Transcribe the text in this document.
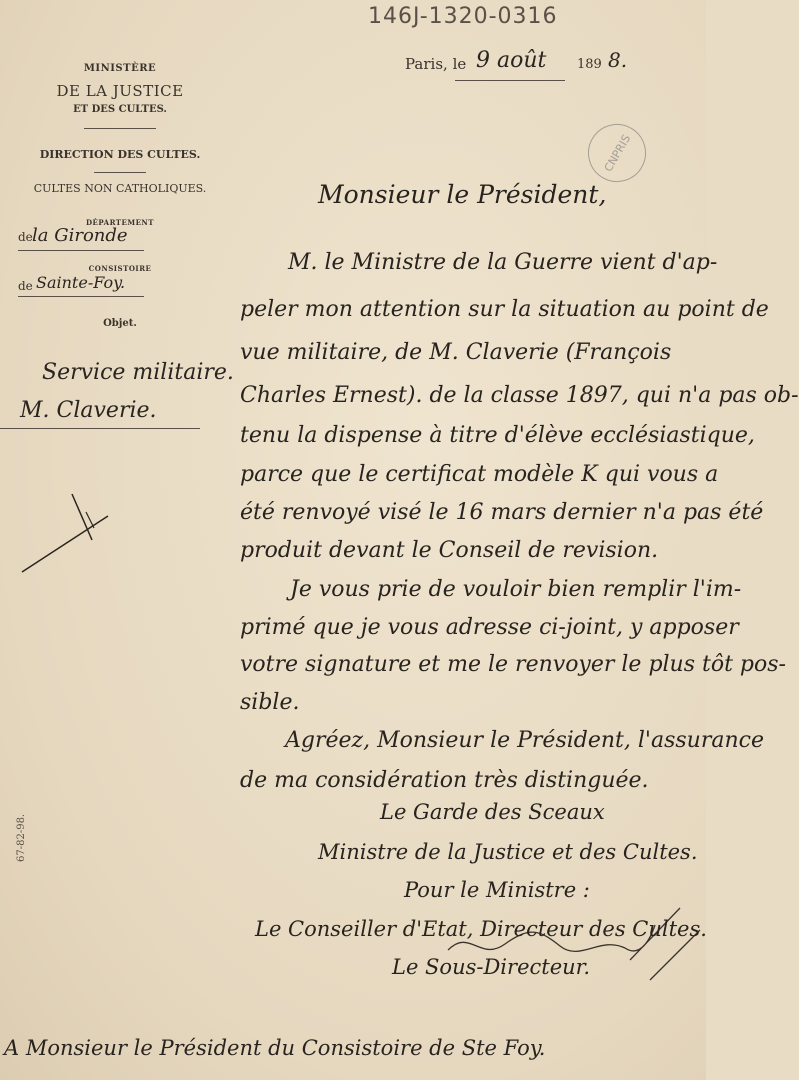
146J-1320-0316
MINISTÈRE
DE LA JUSTICE
ET DES CULTES.
DIRECTION DES CULTES.
CULTES NON CATHOLIQUES.
DÉPARTEMENT
de la Gironde
CONSISTOIRE
de Sainte-Foy.
Objet.
Service militaire.
M. Claverie.
Paris, le 9 août 189 8.
CNPRIS
Monsieur le Président,
M. le Ministre de la Guerre vient d'ap-
peler mon attention sur la situation au point de
vue militaire, de M. Claverie (François
Charles Ernest). de la classe 1897, qui n'a pas ob-
tenu la dispense à titre d'élève ecclésiastique,
parce que le certificat modèle K qui vous a
été renvoyé visé le 16 mars dernier n'a pas été
produit devant le Conseil de revision.
Je vous prie de vouloir bien remplir l'im-
primé que je vous adresse ci-joint, y apposer
votre signature et me le renvoyer le plus tôt pos-
sible.
Agréez, Monsieur le Président, l'assurance
de ma considération très distinguée.
Le Garde des Sceaux
Ministre de la Justice et des Cultes.
Pour le Ministre :
Le Conseiller d'Etat, Directeur des Cultes.
Le Sous-Directeur.
67-82-98.
A Monsieur le Président du Consistoire de Ste Foy.
